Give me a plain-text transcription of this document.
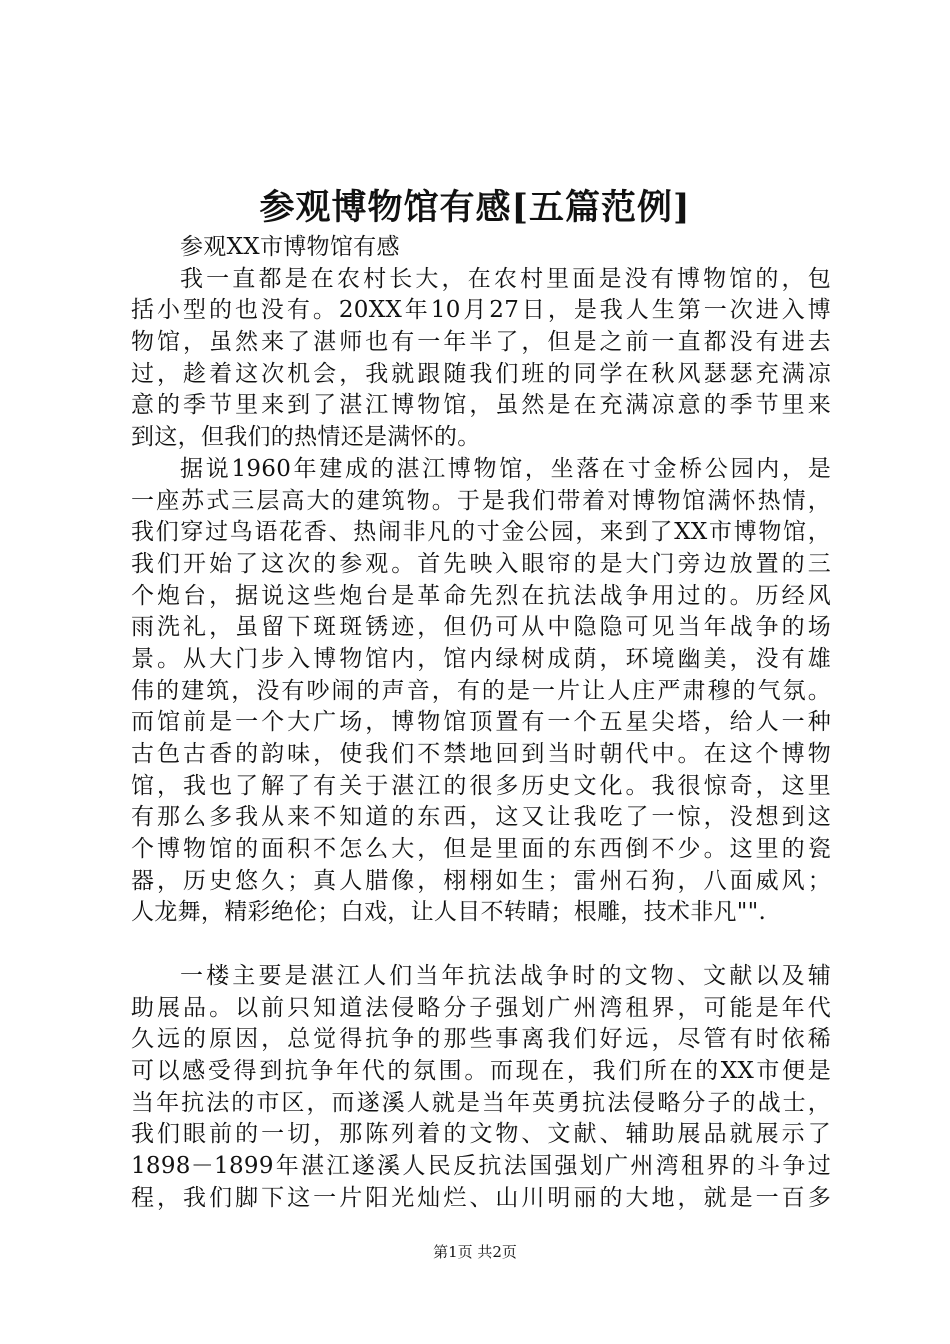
参观博物馆有感[五篇范例]
参观XX市博物馆有感
我一直都是在农村长大，在农村里面是没有博物馆的，包
括小型的也没有。20XX年10月27日，是我人生第一次进入博
物馆，虽然来了湛师也有一年半了，但是之前一直都没有进去
过，趁着这次机会，我就跟随我们班的同学在秋风瑟瑟充满凉
意的季节里来到了湛江博物馆，虽然是在充满凉意的季节里来
到这，但我们的热情还是满怀的。
据说1960年建成的湛江博物馆，坐落在寸金桥公园内，是
一座苏式三层高大的建筑物。于是我们带着对博物馆满怀热情，
我们穿过鸟语花香、热闹非凡的寸金公园，来到了XX市博物馆，
我们开始了这次的参观。首先映入眼帘的是大门旁边放置的三
个炮台，据说这些炮台是革命先烈在抗法战争用过的。历经风
雨洗礼，虽留下斑斑锈迹，但仍可从中隐隐可见当年战争的场
景。从大门步入博物馆内，馆内绿树成荫，环境幽美，没有雄
伟的建筑，没有吵闹的声音，有的是一片让人庄严肃穆的气氛。
而馆前是一个大广场，博物馆顶置有一个五星尖塔，给人一种
古色古香的韵味，使我们不禁地回到当时朝代中。在这个博物
馆，我也了解了有关于湛江的很多历史文化。我很惊奇，这里
有那么多我从来不知道的东西，这又让我吃了一惊，没想到这
个博物馆的面积不怎么大，但是里面的东西倒不少。这里的瓷
器，历史悠久；真人腊像，栩栩如生；雷州石狗，八面威风；
人龙舞，精彩绝伦；白戏，让人目不转睛；根雕，技术非凡"".
一楼主要是湛江人们当年抗法战争时的文物、文献以及辅
助展品。以前只知道法侵略分子强划广州湾租界，可能是年代
久远的原因，总觉得抗争的那些事离我们好远，尽管有时依稀
可以感受得到抗争年代的氛围。而现在，我们所在的XX市便是
当年抗法的市区，而遂溪人就是当年英勇抗法侵略分子的战士，
我们眼前的一切，那陈列着的文物、文献、辅助展品就展示了
1898－1899年湛江遂溪人民反抗法国强划广州湾租界的斗争过
程，我们脚下这一片阳光灿烂、山川明丽的大地，就是一百多
第1页 共2页
